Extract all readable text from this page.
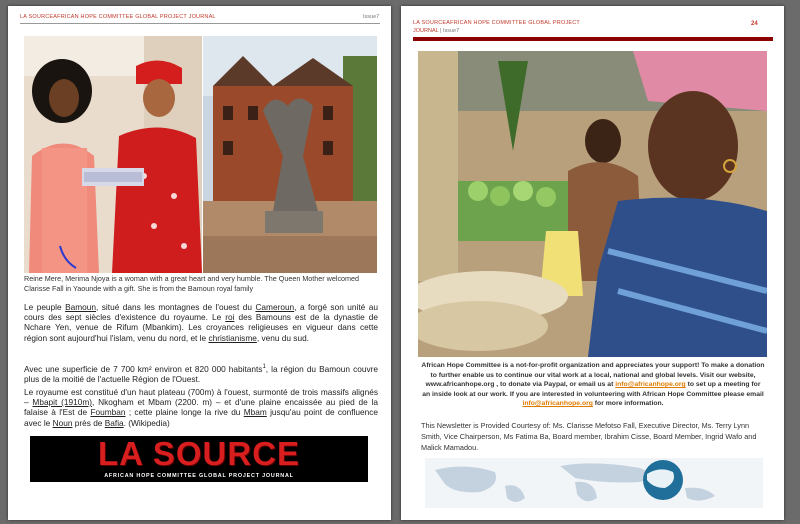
LA SOURCEAFRICAN HOPE COMMITTEE GLOBAL PROJECT JOURNAL	Issue7
Reine Mere, Merima Njoya is a woman with a great heart and very humble. The Queen Mother welcomed Clarisse Fall in Yaounde with a gift. She is from the Bamoun royal family
Le peuple Bamoun, situé dans les montagnes de l'ouest du Cameroun, a forgé son unité au cours des sept siècles d'existence du royaume. Le roi des Bamouns est de la dynastie de Nchare Yen, venue de Rifum (Mbankim). Les croyances religieuses en vigueur dans cette région sont aujourd'hui l'islam, venu du nord, et le christianisme, venu du sud.
Avec une superficie de 7 700 km² environ et 820 000 habitants$^1$, la région du Bamoun couvre plus de la moitié de l'actuelle Région de l'Ouest.
Le royaume est constitué d'un haut plateau (700m) à l'ouest, surmonté de trois massifs alignés – Mbapit (1910m), Nkogham et Mbam (2200. m) – et d'une plaine encaissée au pied de la falaise à l'Est de Foumban ; cette plaine longe la rive du Mbam jusqu'au point de confluence avec le Noun près de Bafia. (Wikipedia)
LA SOURCE
AFRICAN HOPE COMMITTEE GLOBAL PROJECT JOURNAL
LA SOURCEAFRICAN HOPE COMMITTEE GLOBAL PROJECT
JOURNAL | Issue7
24
African Hope Committee is a not-for-profit organization and appreciates your support! To make a donation to further enable us to continue our vital work at a local, national and global levels. Visit our website, www.africanhope.org , to donate via Paypal, or email us at info@africanhope.org to set up a meeting for an inside look at our work. If you are interested in volunteering with African Hope Committee please email info@africanhope.org for more information.
This Newsletter is Provided Courtesy of: Ms. Clarisse Mefotso Fall, Executive Director, Ms. Terry Lynn Smith, Vice Chairperson, Ms Fatima Ba, Board member, Ibrahim Cisse, Board Member, Ingrid Wafo and Malick Mamadou.
